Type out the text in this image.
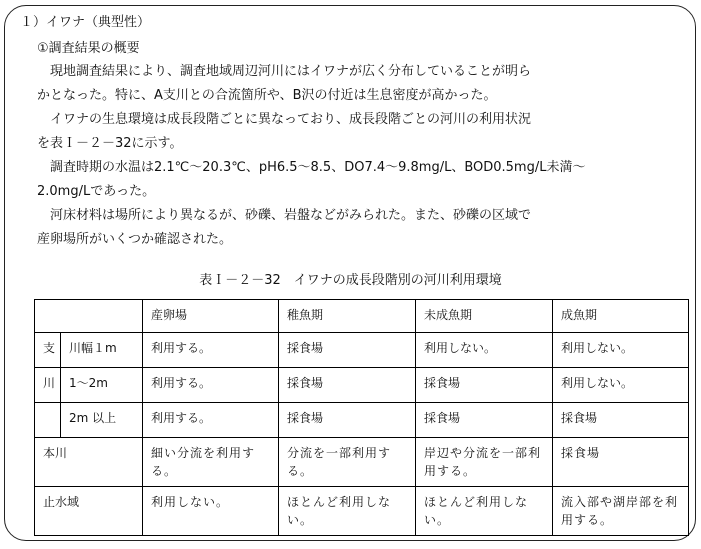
１）イワナ（典型性）
①調査結果の概要
　現地調査結果により、調査地域周辺河川にはイワナが広く分布していることが明ら
かとなった。特に、A支川との合流箇所や、B沢の付近は生息密度が高かった。
　イワナの生息環境は成長段階ごとに異なっており、成長段階ごとの河川の利用状況
を表Ｉ－２－32に示す。
　調査時期の水温は2.1℃～20.3℃、pH6.5～8.5、DO7.4～9.8mg/L、BOD0.5mg/L未満～
2.0mg/Lであった。
　河床材料は場所により異なるが、砂礫、岩盤などがみられた。また、砂礫の区域で
産卵場所がいくつか確認された。
表Ｉ－２－32　イワナの成長段階別の河川利用環境
		産卵場	稚魚期	未成魚期	成魚期
支	川幅１m	利用する。	採食場	利用しない。	利用しない。
川	1～2m	利用する。	採食場	採食場	利用しない。
	2m 以上	利用する。	採食場	採食場	採食場
本川		細い分流を利用する。	分流を一部利用する。	岸辺や分流を一部利用する。	採食場
止水域		利用しない。	ほとんど利用しない。	ほとんど利用しない。	流入部や湖岸部を利用する。
